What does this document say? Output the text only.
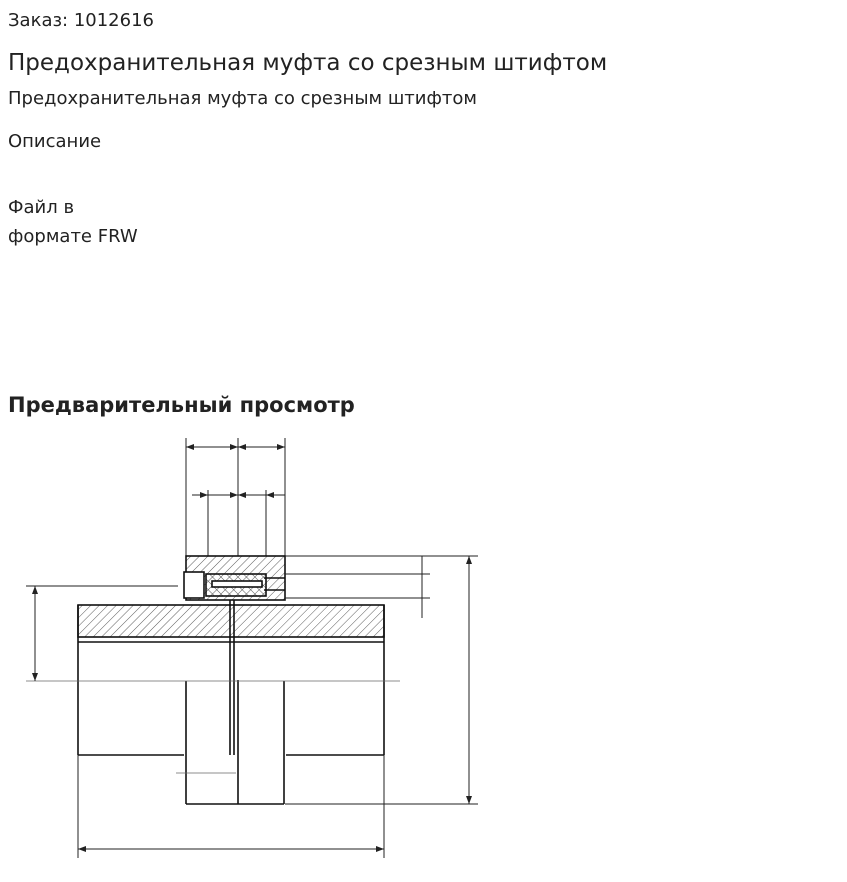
Заказ: 1012616
Предохранительная муфта со срезным штифтом
Предохранительная муфта со срезным штифтом
Описание
Файл в
формате FRW
Предварительный просмотр
